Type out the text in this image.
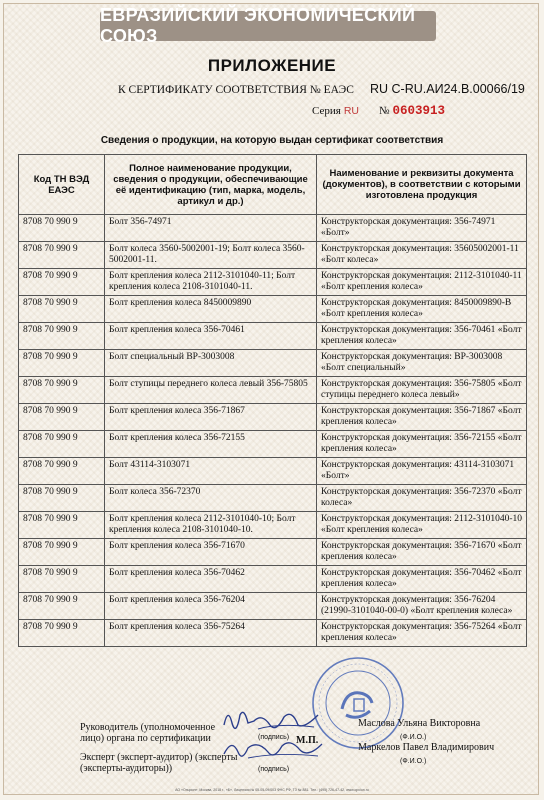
ЕВРАЗИЙСКИЙ ЭКОНОМИЧЕСКИЙ СОЮЗ
ПРИЛОЖЕНИЕ
К СЕРТИФИКАТУ СООТВЕТСТВИЯ № ЕАЭС RU C-RU.АИ24.В.00066/19
Серия RU № 0603913
Сведения о продукции, на которую выдан сертификат соответствия
Код ТН ВЭД ЕАЭС	Полное наименование продукции, сведения о продукции, обеспечивающие её идентификацию (тип, марка, модель, артикул и др.)	Наименование и реквизиты документа (документов), в соответствии с которыми изготовлена продукция
8708 70 990 9	Болт 356-74971	Конструкторская документация: 356-74971 «Болт»
8708 70 990 9	Болт колеса 3560-5002001-19; Болт колеса 3560-5002001-11.	Конструкторская документация: 35605002001-11 «Болт колеса»
8708 70 990 9	Болт крепления колеса 2112-3101040-11; Болт крепления колеса 2108-3101040-11.	Конструкторская документация: 2112-3101040-11 «Болт крепления колеса»
8708 70 990 9	Болт крепления колеса 8450009890	Конструкторская документация: 8450009890-В «Болт крепления колеса»
8708 70 990 9	Болт крепления колеса 356-70461	Конструкторская документация: 356-70461 «Болт крепления колеса»
8708 70 990 9	Болт специальный ВР-3003008	Конструкторская документация: ВР-3003008 «Болт специальный»
8708 70 990 9	Болт ступицы переднего колеса левый 356-75805	Конструкторская документация: 356-75805 «Болт ступицы переднего колеса левый»
8708 70 990 9	Болт крепления колеса 356-71867	Конструкторская документация: 356-71867 «Болт крепления колеса»
8708 70 990 9	Болт крепления колеса 356-72155	Конструкторская документация: 356-72155 «Болт крепления колеса»
8708 70 990 9	Болт 43114-3103071	Конструкторская документация: 43114-3103071 «Болт»
8708 70 990 9	Болт колеса 356-72370	Конструкторская документация: 356-72370 «Болт колеса»
8708 70 990 9	Болт крепления колеса 2112-3101040-10; Болт крепления колеса 2108-3101040-10.	Конструкторская документация: 2112-3101040-10 «Болт крепления колеса»
8708 70 990 9	Болт крепления колеса 356-71670	Конструкторская документация: 356-71670 «Болт крепления колеса»
8708 70 990 9	Болт крепления колеса 356-70462	Конструкторская документация: 356-70462 «Болт крепления колеса»
8708 70 990 9	Болт крепления колеса 356-76204	Конструкторская документация: 356-76204 (21990-3101040-00-0) «Болт крепления колеса»
8708 70 990 9	Болт крепления колеса 356-75264	Конструкторская документация: 356-75264 «Болт крепления колеса»
Руководитель (уполномоченное лицо) органа по сертификации	(подпись)
Маслова Ульяна Викторовна
(Ф.И.О.)
М.П.
Эксперт (эксперт-аудитор) (эксперты (эксперты-аудиторы))	(подпись)
Маркелов Павел Владимирович
(Ф.И.О.)
АО «Опцион», Москва, 2018 г., «Б», Лицензия № 05-05-09/003 ФНС РФ, ТЗ № 881. Тел.: (495) 726-47-42, www.opcion.ru
